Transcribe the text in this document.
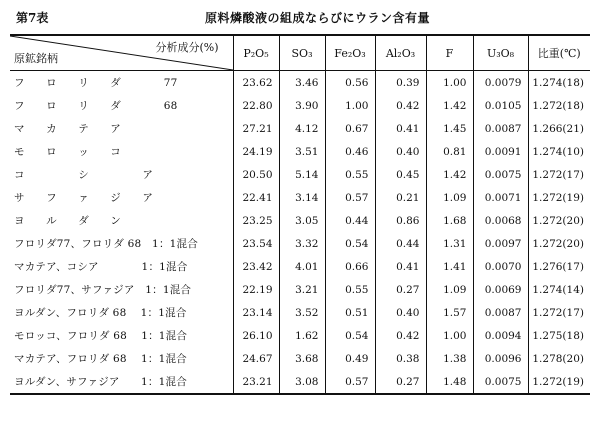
第7表	原料燐酸液の組成ならびにウラン含有量
分析成分(%)
原鉱銘柄	P₂O₅	SO₃	Fe₂O₃	Al₂O₃	F	U₃O₈	比重(℃)

フ　　ロ　　リ　　ダ　　　　77	23.62	3.46	0.56	0.39	1.00	0.0079	1.274(18)
フ　　ロ　　リ　　ダ　　　　68	22.80	3.90	1.00	0.42	1.42	0.0105	1.272(18)
マ　　カ　　テ　　ア	27.21	4.12	0.67	0.41	1.45	0.0087	1.266(21)
モ　　ロ　　ッ　　コ	24.19	3.51	0.46	0.40	0.81	0.0091	1.274(10)
コ　　　　　シ　　　　　ア	20.50	5.14	0.55	0.45	1.42	0.0075	1.272(17)
サ　　フ　　ァ　　ジ　　ア	22.41	3.14	0.57	0.21	1.09	0.0071	1.272(19)
ヨ　　ル　　ダ　　ン	23.25	3.05	0.44	0.86	1.68	0.0068	1.272(20)
フロリダ77、フロリダ 68　1：1混合	23.54	3.32	0.54	0.44	1.31	0.0097	1.272(20)
マカテア、コシア　　　　1：1混合	23.42	4.01	0.66	0.41	1.41	0.0070	1.276(17)
フロリダ77、サファジア　1：1混合	22.19	3.21	0.55	0.27	1.09	0.0069	1.274(14)
ヨルダン、フロリダ 68　 1：1混合	23.14	3.52	0.51	0.40	1.57	0.0087	1.272(17)
モロッコ、フロリダ 68　 1：1混合	26.10	1.62	0.54	0.42	1.00	0.0094	1.275(18)
マカテア、フロリダ 68　 1：1混合	24.67	3.68	0.49	0.38	1.38	0.0096	1.278(20)
ヨルダン、サファジア　　1：1混合	23.21	3.08	0.57	0.27	1.48	0.0075	1.272(19)
